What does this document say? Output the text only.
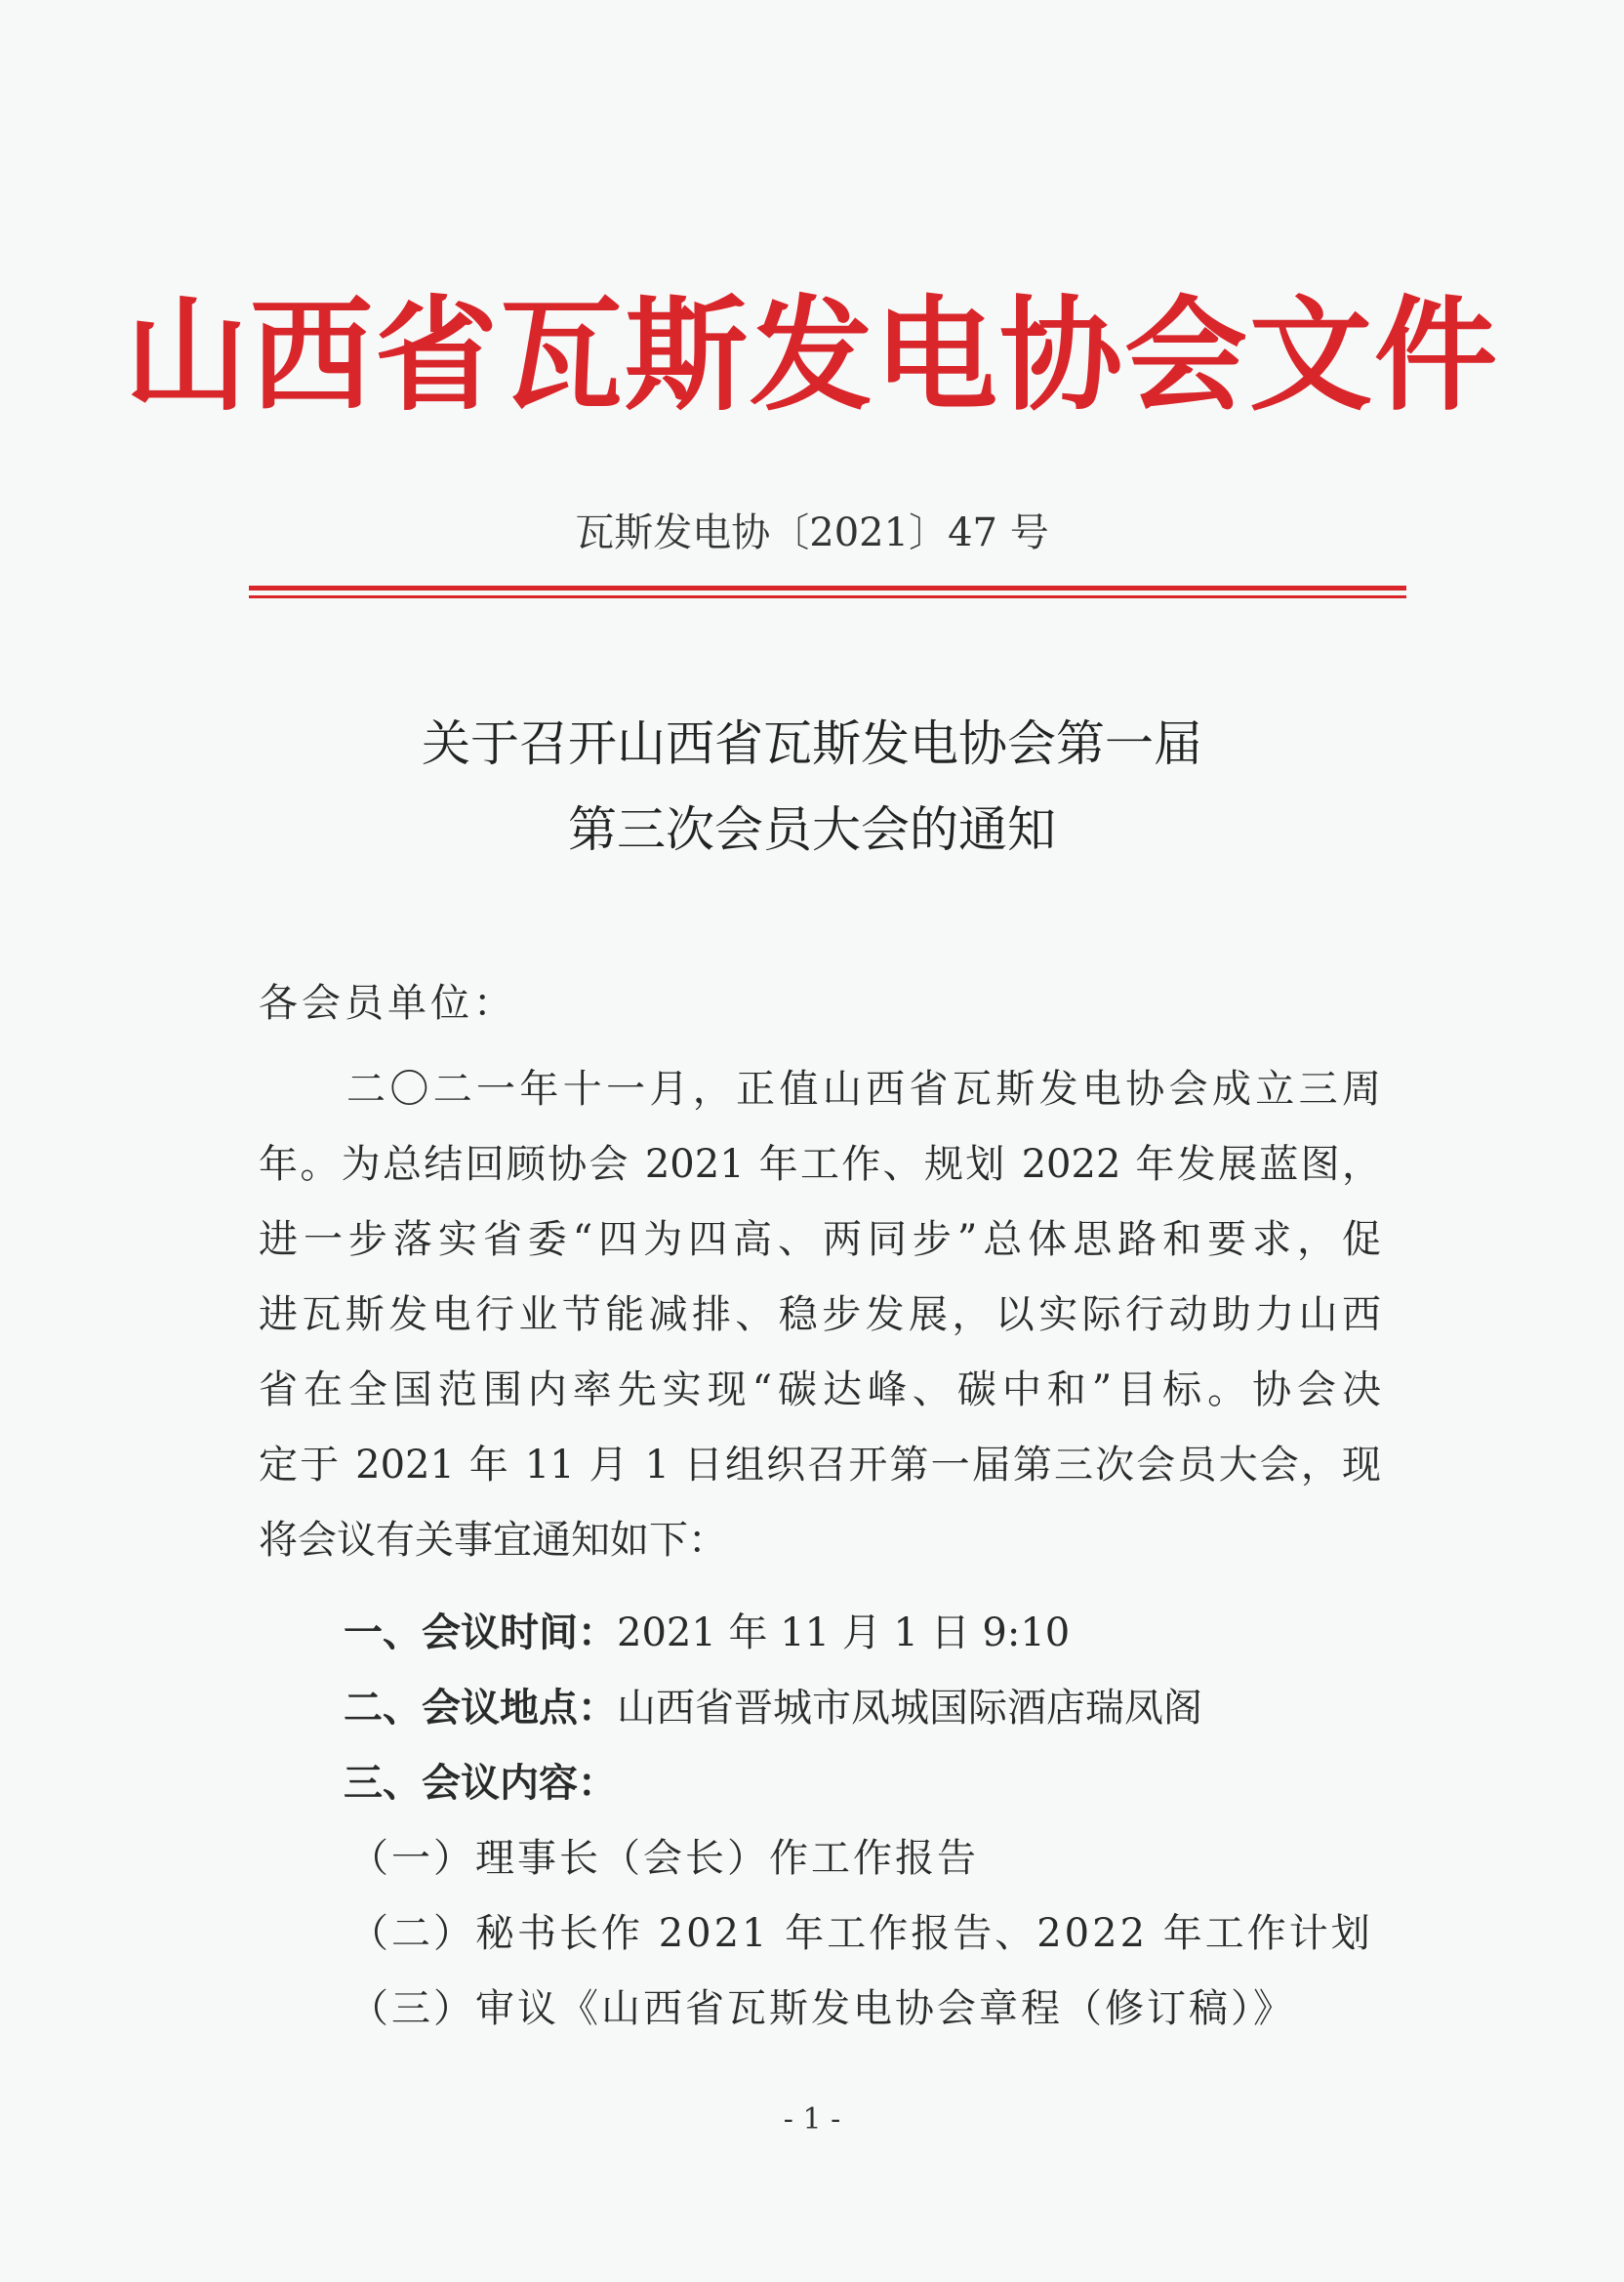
山西省瓦斯发电协会文件
瓦斯发电协〔2021〕47 号
关于召开山西省瓦斯发电协会第一届
第三次会员大会的通知
各会员单位：
二〇二一年十一月，正值山西省瓦斯发电协会成立三周
年。为总结回顾协会 2021 年工作、规划 2022 年发展蓝图，
进一步落实省委“四为四高、两同步”总体思路和要求，促
进瓦斯发电行业节能减排、稳步发展，以实际行动助力山西
省在全国范围内率先实现“碳达峰、碳中和”目标。协会决
定于 2021 年 11 月 1 日组织召开第一届第三次会员大会，现
将会议有关事宜通知如下：
一、会议时间：2021 年 11 月 1 日 9:10
二、会议地点：山西省晋城市凤城国际酒店瑞凤阁
三、会议内容：
（一）理事长（会长）作工作报告
（二）秘书长作 2021 年工作报告、2022 年工作计划
（三）审议《山西省瓦斯发电协会章程（修订稿）》
- 1 -
